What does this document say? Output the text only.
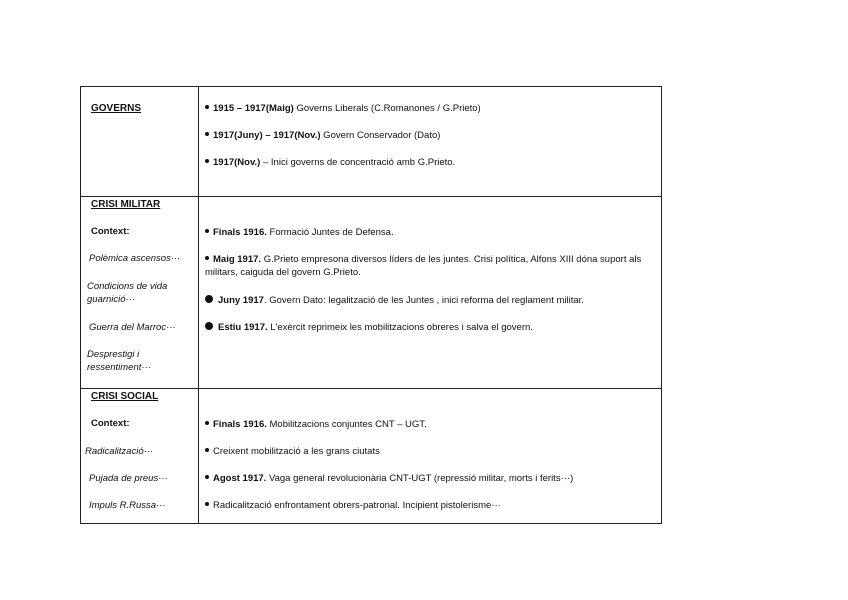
GOVERNS	1915 – 1917(Maig) Governs Liberals (C.Romanones / G.Prieto)
1917(Juny) – 1917(Nov.) Govern Conservador (Dato)
1917(Nov.) – Inici governs de concentració amb G.Prieto.
CRISI MILITAR
Context:
Polèmica ascensos···
Condicions de vida guarnició···
Guerra del Marroc···
Desprestigi i ressentiment···
Finals 1916. Formació Juntes de Defensa.
Maig 1917. G.Prieto empresona diversos líders de les juntes. Crisi política, Alfons XIII dóna suport als militars, caiguda del govern G.Prieto.
Juny 1917. Govern Dato: legalització de les Juntes , inici reforma del reglament militar.
Estiu 1917. L'exèrcit reprimeix les mobilitzacions obreres i salva el govern.
CRISI SOCIAL
Context:
Radicalització···
Pujada de preus···
Impuls R.Russa···
Finals 1916. Mobilitzacions conjuntes CNT – UGT.
Creixent mobilització a les grans ciutats
Agost 1917. Vaga general revolucionària CNT-UGT (repressió militar, morts i ferits···)
Radicalització enfrontament obrers-patronal. Incipient pistolerisme···
